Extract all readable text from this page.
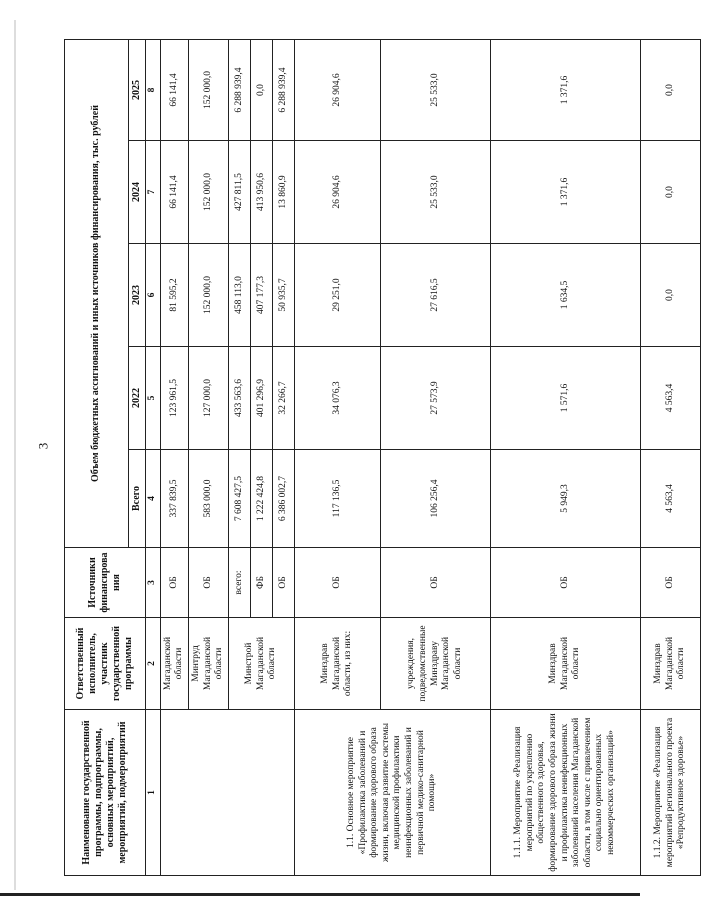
3
Наименование государственной программы, подпрограммы, основных мероприятий, мероприятий, подмероприятий	Ответственный исполнитель, участник государственной программы	Источники финансирования	Объем бюджетных ассигнований и иных источников финансирования, тыс. рублей				
			Всего	2022	2023	2024	2025
1	2	3	4	5	6	7	8
	Магаданской области	ОБ	337 839,5	123 961,5	81 595,2	66 141,4	66 141,4
	Минтруд Магаданской области	ОБ	583 000,0	127 000,0	152 000,0	152 000,0	152 000,0
	Минстрой Магаданской области	всего:	7 608 427,5	433 563,6	458 113,0	427 811,5	6 288 939,4
		ФБ	1 222 424,8	401 296,9	407 177,3	413 950,6	0,0
		ОБ	6 386 002,7	32 266,7	50 935,7	13 860,9	6 288 939,4
1.1. Основное мероприятие «Профилактика заболеваний и формирование здорового образа жизни, включая развитие системы медицинской профилактики неинфекционных заболеваний и первичной медико-санитарной помощи»	Минздрав Магаданской области, из них:	ОБ	117 136,5	34 076,3	29 251,0	26 904,6	26 904,6
	учреждения, подведомственные Минздраву Магаданской области	ОБ	106 256,4	27 573,9	27 616,5	25 533,0	25 533,0
1.1.1. Мероприятие «Реализация мероприятий по укреплению общественного здоровья, формирование здорового образа жизни и профилактика неинфекционных заболеваний населения Магаданской области, в том числе с привлечением социально ориентированных некоммерческих организаций»	Минздрав Магаданской области	ОБ	5 949,3	1 571,6	1 634,5	1 371,6	1 371,6
1.1.2. Мероприятие «Реализация мероприятий регионального проекта «Репродуктивное здоровье»	Минздрав Магаданской области	ОБ	4 563,4	4 563,4	0,0	0,0	0,0
